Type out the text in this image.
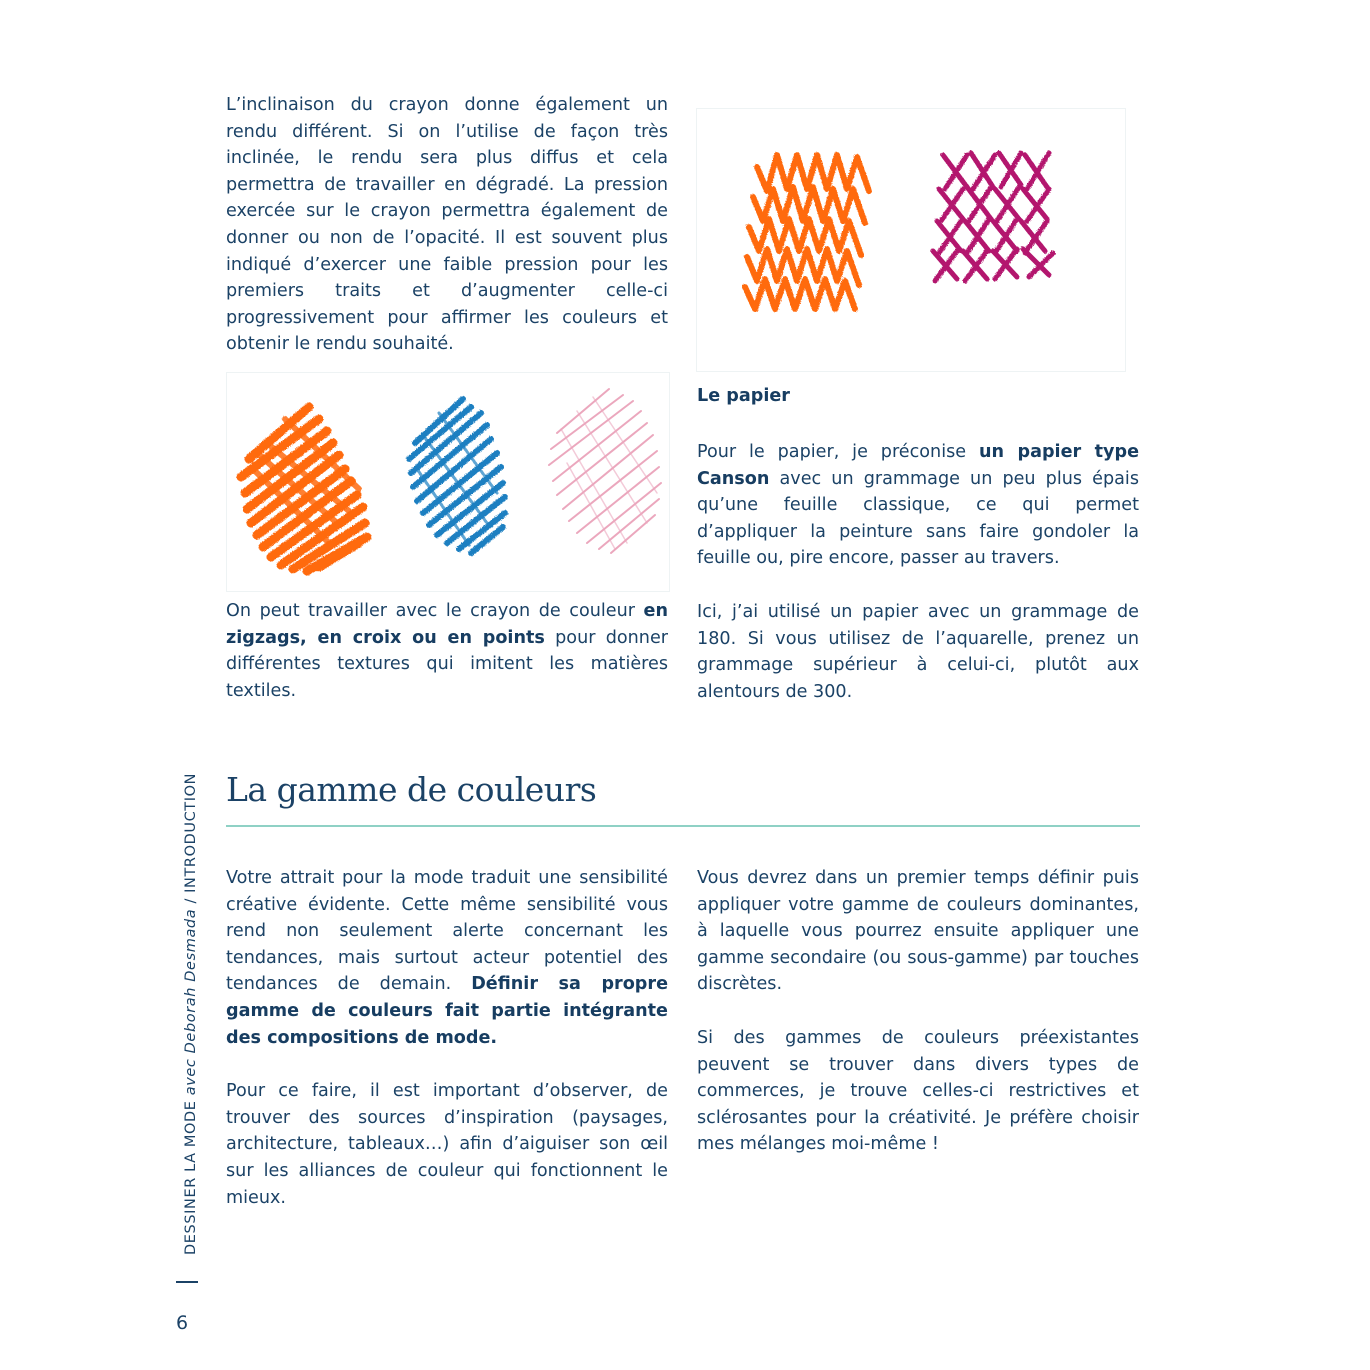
L’inclinaison du crayon donne également un rendu différent. Si on l’utilise de façon très inclinée, le rendu sera plus diffus et cela permettra de travailler en dégradé. La pression exercée sur le crayon permettra également de donner ou non de l’opacité. Il est souvent plus indiqué d’exercer une faible pression pour les premiers traits et d’augmenter celle-ci progressivement pour affirmer les couleurs et obtenir le rendu souhaité.

On peut travailler avec le crayon de couleur en zigzags, en croix ou en points pour donner différentes textures qui imitent les matières textiles.

Le papier

Pour le papier, je préconise un papier type Canson avec un grammage un peu plus épais qu’une feuille classique, ce qui permet d’appliquer la peinture sans faire gondoler la feuille ou, pire encore, passer au travers.

Ici, j’ai utilisé un papier avec un grammage de 180. Si vous utilisez de l’aquarelle, prenez un grammage supérieur à celui-ci, plutôt aux alentours de 300.

La gamme de couleurs

Votre attrait pour la mode traduit une sensibilité créative évidente. Cette même sensibilité vous rend non seulement alerte concernant les tendances, mais surtout acteur potentiel des tendances de demain. Définir sa propre gamme de couleurs fait partie intégrante des compositions de mode.

Pour ce faire, il est important d’observer, de trouver des sources d’inspiration (paysages, architecture, tableaux…) afin d’aiguiser son œil sur les alliances de couleur qui fonctionnent le mieux.

Vous devrez dans un premier temps définir puis appliquer votre gamme de couleurs dominantes, à laquelle vous pourrez ensuite appliquer une gamme secondaire (ou sous-gamme) par touches discrètes.

Si des gammes de couleurs préexistantes peuvent se trouver dans divers types de commerces, je trouve celles-ci restrictives et sclérosantes pour la créativité. Je préfère choisir mes mélanges moi-même !

DESSINER LA MODE avec Deborah Desmada / INTRODUCTION
6
